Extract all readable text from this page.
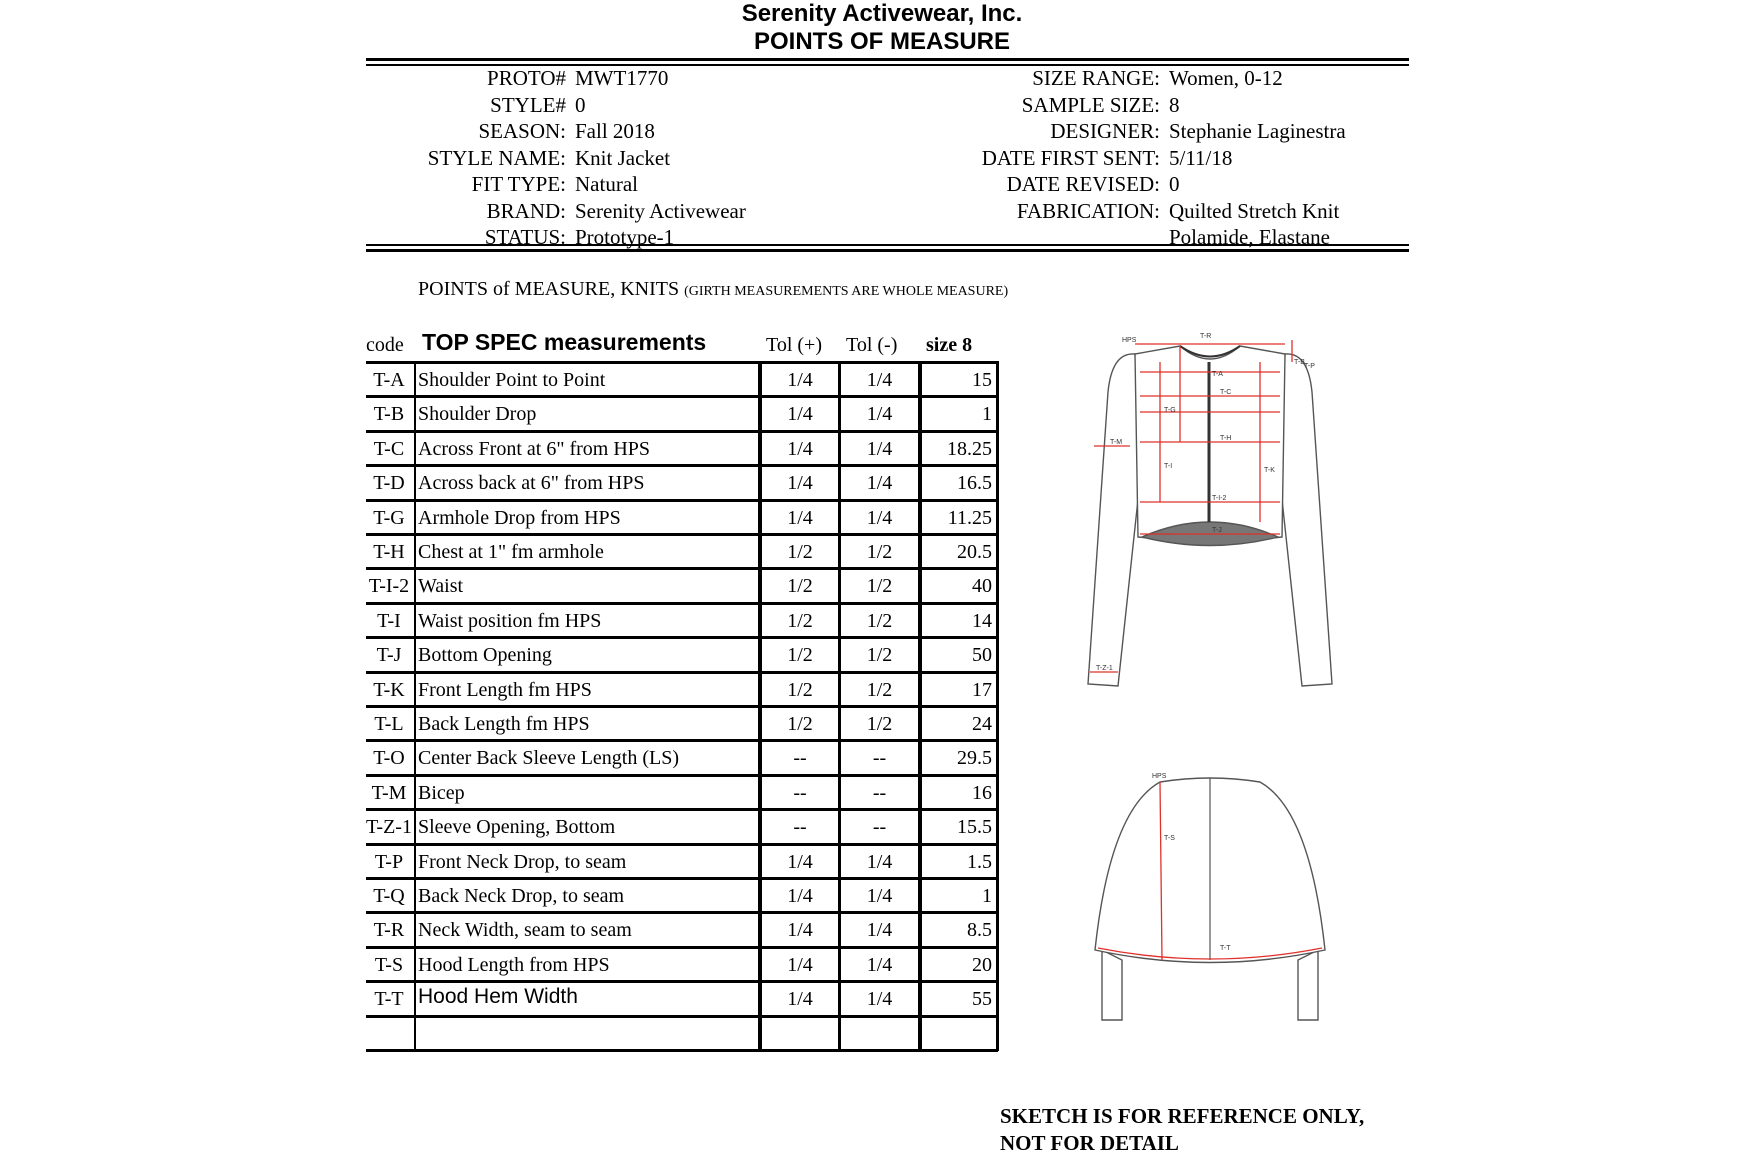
Serenity Activewear, Inc.
POINTS OF MEASURE
POINTS of MEASURE, KNITS (GIRTH MEASUREMENTS ARE WHOLE MEASURE)
code TOP SPEC measurements	Tol (+) Tol (-) size 8	HPS
T-R
T-A
T-B
T-P
T-C
T-G
T-M
T-H
T-I
T-K
T-I-2
T-J
T-Z-1
HPS
T-S
T-T
SKETCH IS FOR REFERENCE ONLY,
NOT FOR DETAIL
PROTO# MWT1770
STYLE# 0
SEASON: Fall 2018
STYLE NAME: Knit Jacket
FIT TYPE: Natural
BRAND: Serenity Activewear
STATUS: Prototype-1
SIZE RANGE: Women, 0-12
SAMPLE SIZE: 8
DESIGNER: Stephanie Laginestra
DATE FIRST SENT: 5/11/18
DATE REVISED: 0
FABRICATION: Quilted Stretch Knit
Polamide, Elastane
T-A Shoulder Point to Point	1/4	1/4	15
T-B Shoulder Drop	1/4	1/4	1
T-C Across Front at 6" from HPS	1/4	1/4	18.25
T-D Across back at 6" from HPS	1/4	1/4	16.5
T-G Armhole Drop from HPS	1/4	1/4	11.25
T-H Chest at 1" fm armhole	1/2	1/2	20.5
T-I-2 Waist	1/2	1/2	40
T-I Waist position fm HPS	1/2	1/2	14
T-J Bottom Opening	1/2	1/2	50
T-K Front Length fm HPS	1/2	1/2	17
T-L Back Length fm HPS	1/2	1/2	24
T-O Center Back Sleeve Length (LS)	--	--	29.5
T-M Bicep	--	--	16
T-Z-1 Sleeve Opening, Bottom	--	--	15.5
T-P Front Neck Drop, to seam	1/4	1/4	1.5
T-Q Back Neck Drop, to seam	1/4	1/4	1
T-R Neck Width, seam to seam	1/4	1/4	8.5
T-S Hood Length from HPS	1/4	1/4	20
T-T Hood Hem Width	1/4	1/4	55
